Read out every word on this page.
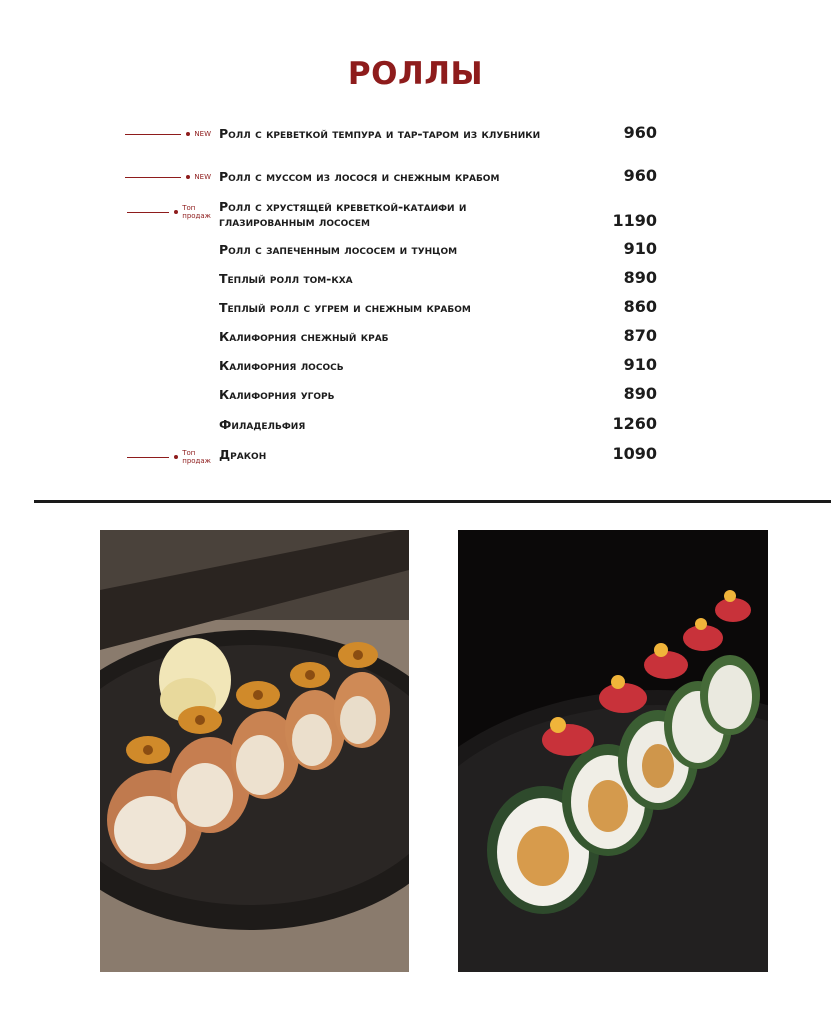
РОЛЛЫ
NEW Ролл с креветкой темпура и тар-таром из клубники	960
NEW Ролл с муссом из лосося и снежным крабом	960
Топ
продаж
Ролл с хрустящей креветкой-катаифи и глазированным лососем	1190
Ролл с запеченным лососем и тунцом	910
Теплый ролл том-кха	890
Теплый ролл с угрем и снежным крабом	860
Калифорния снежный краб	870
Калифорния лосось	910
Калифорния угорь	890
Филадельфия	1260
Топ
продаж Дракон	1090
